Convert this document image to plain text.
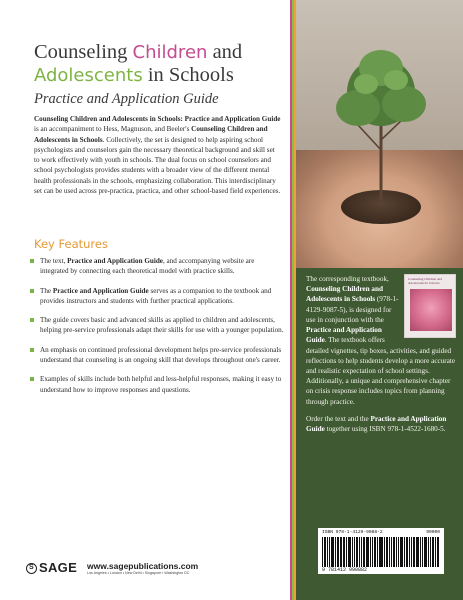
Counseling Children and Adolescents in Schools

The corresponding textbook, Counseling Children and Adolescents in Schools (978-1-4129-9087-5), is designed for use in conjunction with the Practice and Application Guide. The textbook offers detailed vignettes, tip boxes, activities, and guided reflections to help students develop a more accurate and realistic expectation of school settings. Additionally, a unique and comprehensive chapter on crisis response includes topics from planning through practice.

Order the text and the Practice and Application Guide together using ISBN 978-1-4522-1680-5.

ISBN 978-1-4129-9088-2	90000
9 781412 990882
Counseling Children and
Adolescents in Schools
Practice and Application Guide
Counseling Children and Adolescents in Schools: Practice and Application Guide is an accompaniment to Hess, Magnuson, and Beeler's Counseling Children and Adolescents in Schools. Collectively, the set is designed to help aspiring school psychologists and counselors gain the necessary theoretical background and skill set to work effectively with youth in schools. The dual focus on school counselors and school psychologists provides students with a broader view of the different mental health professionals in the schools, emphasizing collaboration. This interdisciplinary set can be used across pre-practica, practica, and other school-based field experiences.
Key Features
The text, Practice and Application Guide, and accompanying website are integrated by connecting each theoretical model with practice skills.
The Practice and Application Guide serves as a companion to the textbook and provides instructors and students with further practical applications.
The guide covers basic and advanced skills as applied to children and adolescents, helping pre-service professionals adapt their skills for use with a younger population.
An emphasis on continued professional development helps pre-service professionals understand that counseling is an ongoing skill that develops throughout one's career.
Examples of skills include both helpful and less-helpful responses, making it easy to understand how to improve responses and questions.
S SAGE www.sagepublications.com
Los Angeles • London • New Delhi • Singapore • Washington DC
